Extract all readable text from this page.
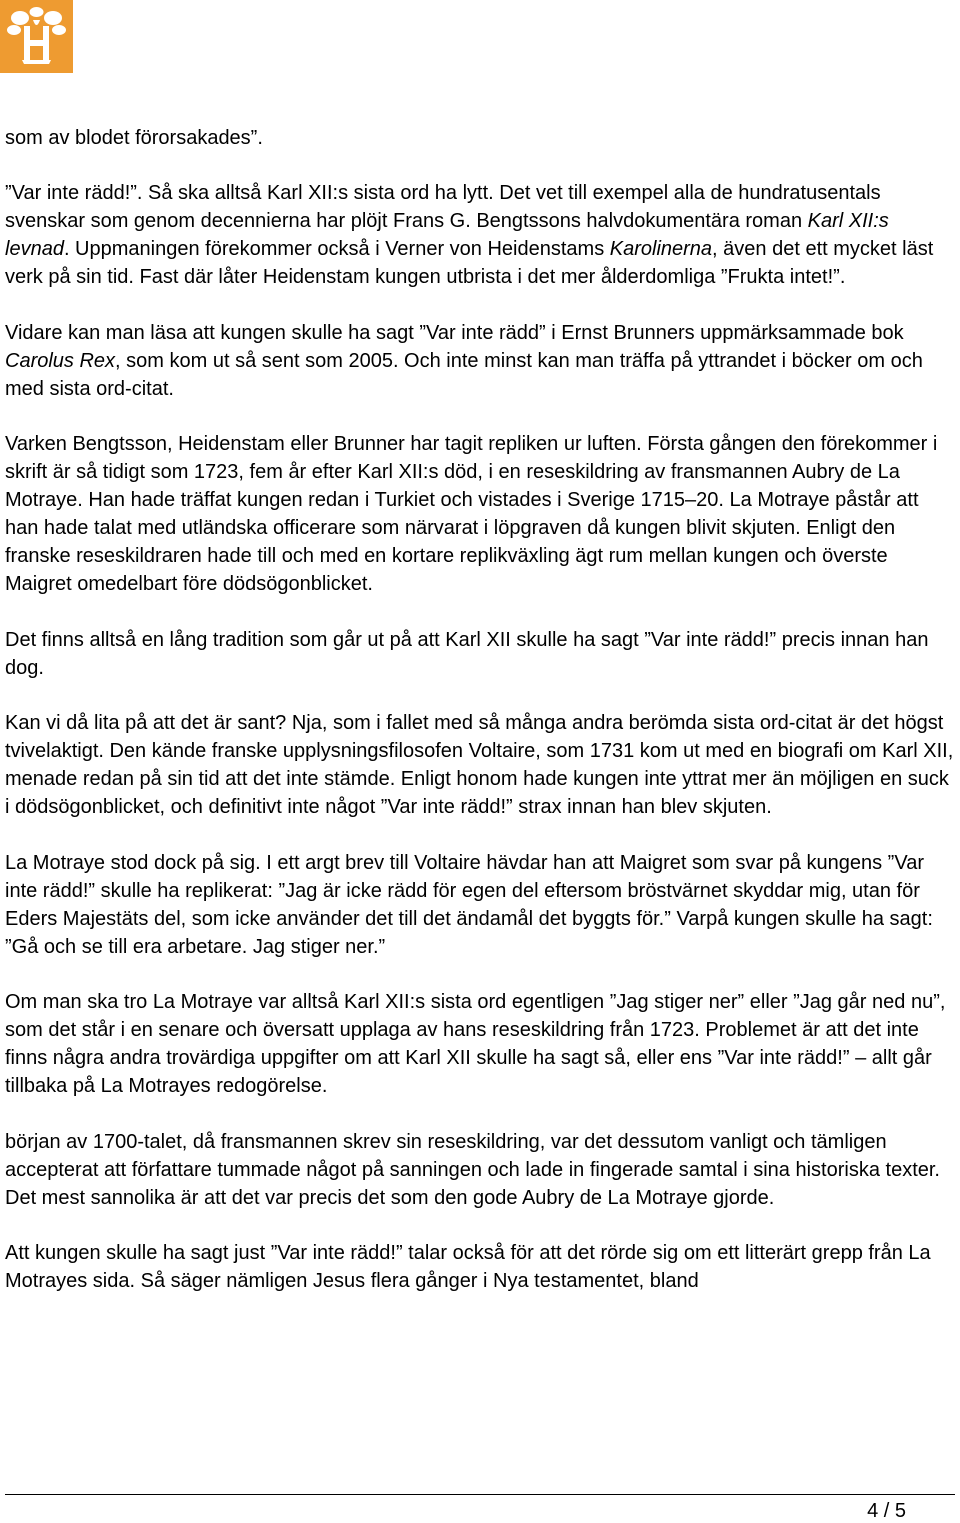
som av blodet förorsakades”.

”Var inte rädd!”. Så ska alltså Karl XII:s sista ord ha lytt. Det vet till exempel alla de hundratusentals svenskar som genom decennierna har plöjt Frans G. Bengtssons halvdokumentära roman Karl XII:s levnad. Uppmaningen förekommer också i Verner von Heidenstams Karolinerna, även det ett mycket läst verk på sin tid. Fast där låter Heidenstam kungen utbrista i det mer ålderdomliga ”Frukta intet!”.

Vidare kan man läsa att kungen skulle ha sagt ”Var inte rädd” i Ernst Brunners uppmärksammade bok Carolus Rex, som kom ut så sent som 2005. Och inte minst kan man träffa på yttrandet i böcker om och med sista ord-citat.

Varken Bengtsson, Heidenstam eller Brunner har tagit repliken ur luften. Första gången den förekommer i skrift är så tidigt som 1723, fem år efter Karl XII:s död, i en reseskildring av fransmannen Aubry de La Motraye. Han hade träffat kungen redan i Turkiet och vistades i Sverige 1715–20. La Motraye påstår att han hade talat med utländska officerare som närvarat i löpgraven då kungen blivit skjuten. Enligt den franske reseskildraren hade till och med en kortare replikväxling ägt rum mellan kungen och överste Maigret omedelbart före dödsögonblicket.

Det finns alltså en lång tradition som går ut på att Karl XII skulle ha sagt ”Var inte rädd!” precis innan han dog.

Kan vi då lita på att det är sant? Nja, som i fallet med så många andra berömda sista ord-citat är det högst tvivelaktigt. Den kände franske upplysningsfilosofen Voltaire, som 1731 kom ut med en biografi om Karl XII, menade redan på sin tid att det inte stämde. Enligt honom hade kungen inte yttrat mer än möjligen en suck i dödsögonblicket, och definitivt inte något ”Var inte rädd!” strax innan han blev skjuten.

La Motraye stod dock på sig. I ett argt brev till Voltaire hävdar han att Maigret som svar på kungens ”Var inte rädd!” skulle ha replikerat: ”Jag är icke rädd för egen del eftersom bröstvärnet skyddar mig, utan för Eders Majestäts del, som icke använder det till det ändamål det byggts för.” Varpå kungen skulle ha sagt: ”Gå och se till era arbetare. Jag stiger ner.”

Om man ska tro La Motraye var alltså Karl XII:s sista ord egentligen ”Jag stiger ner” eller ”Jag går ned nu”, som det står i en senare och översatt upplaga av hans reseskildring från 1723. Problemet är att det inte finns några andra trovärdiga uppgifter om att Karl XII skulle ha sagt så, eller ens ”Var inte rädd!” – allt går tillbaka på La Motrayes redogörelse.

början av 1700-talet, då fransmannen skrev sin reseskildring, var det dessutom vanligt och tämligen accepterat att författare tummade något på sanningen och lade in fingerade samtal i sina historiska texter. Det mest sannolika är att det var precis det som den gode Aubry de La Motraye gjorde.

Att kungen skulle ha sagt just ”Var inte rädd!” talar också för att det rörde sig om ett litterärt grepp från La Motrayes sida. Så säger nämligen Jesus flera gånger i Nya testamentet, bland

4 / 5
